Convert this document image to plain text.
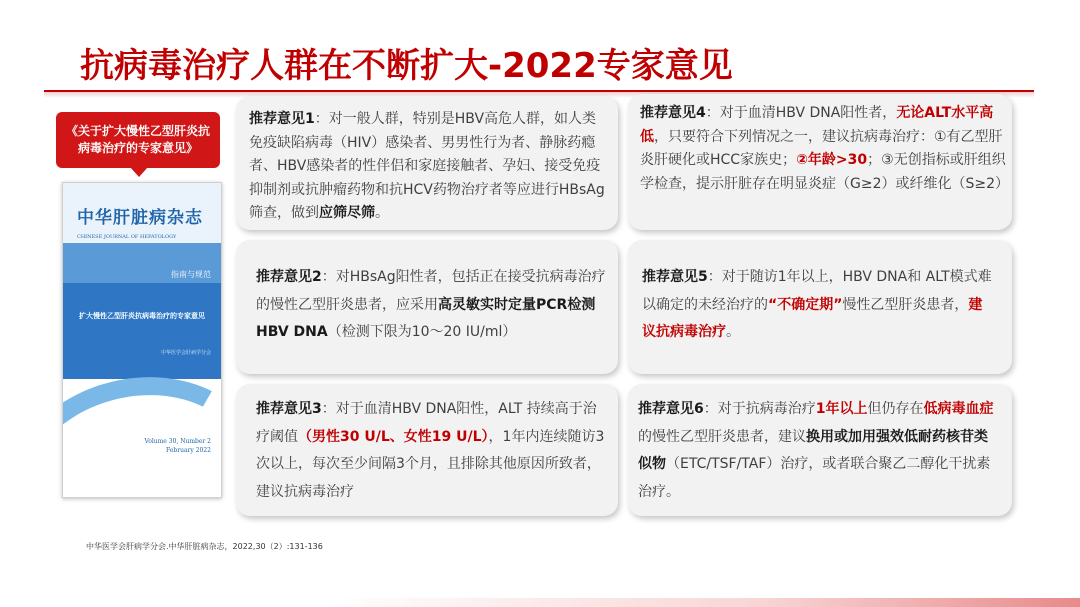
抗病毒治疗人群在不断扩大-2022专家意见
《关于扩大慢性乙型肝炎抗病毒治疗的专家意见》
中华肝脏病杂志
CHINESE JOURNAL OF HEPATOLOGY
指南与规范
扩大慢性乙型肝炎抗病毒治疗的专家意见
中华医学会肝病学分会
Volume 30, Number 2
February 2022
推荐意见1：对一般人群，特别是HBV高危人群，如人类免疫缺陷病毒（HIV）感染者、男男性行为者、静脉药瘾者、HBV感染者的性伴侣和家庭接触者、孕妇、接受免疫抑制剂或抗肿瘤药物和抗HCV药物治疗者等应进行HBsAg筛查，做到应筛尽筛。
推荐意见2：对HBsAg阳性者，包括正在接受抗病毒治疗的慢性乙型肝炎患者，应采用高灵敏实时定量PCR检测HBV DNA（检测下限为10～20 IU/ml）
推荐意见3：对于血清HBV DNA阳性，ALT 持续高于治疗阈值（男性30 U/L、女性19 U/L），1年内连续随访3次以上，每次至少间隔3个月，且排除其他原因所致者，建议抗病毒治疗
推荐意见4：对于血清HBV DNA阳性者，无论ALT水平高低，只要符合下列情况之一，建议抗病毒治疗：①有乙型肝炎肝硬化或HCC家族史；②年龄>30；③无创指标或肝组织学检查，提示肝脏存在明显炎症（G≥2）或纤维化（S≥2）
推荐意见5：对于随访1年以上，HBV DNA和 ALT模式难以确定的未经治疗的“不确定期”慢性乙型肝炎患者，建议抗病毒治疗。
推荐意见6：对于抗病毒治疗1年以上但仍存在低病毒血症的慢性乙型肝炎患者，建议换用或加用强效低耐药核苷类似物（ETC/TSF/TAF）治疗，或者联合聚乙二醇化干扰素治疗。
中华医学会肝病学分会.中华肝脏病杂志，2022,30（2）:131-136
